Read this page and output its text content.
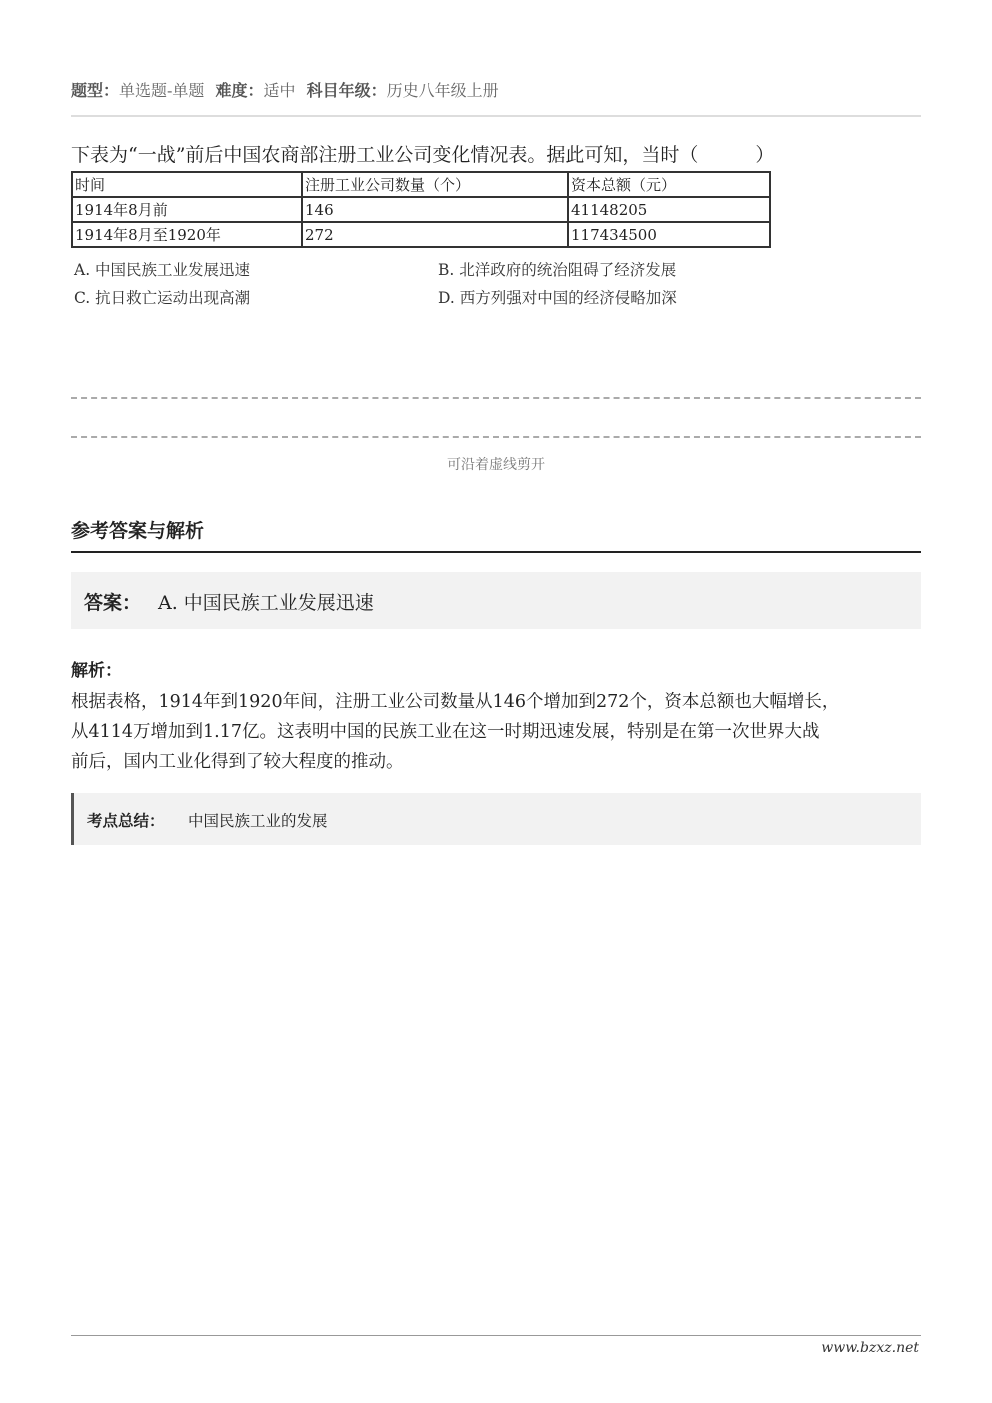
题型：单选题-单题 难度：适中 科目年级：历史八年级上册
下表为“一战”前后中国农商部注册工业公司变化情况表。据此可知，当时（　　　）
时间	注册工业公司数量（个）	资本总额（元）
1914年8月前	146	41148205
1914年8月至1920年	272	117434500
A. 中国民族工业发展迅速	B. 北洋政府的统治阻碍了经济发展
C. 抗日救亡运动出现高潮	D. 西方列强对中国的经济侵略加深
可沿着虚线剪开
参考答案与解析
答案： A. 中国民族工业发展迅速
解析：
根据表格，1914年到1920年间，注册工业公司数量从146个增加到272个，资本总额也大幅增长，
从4114万增加到1.17亿。这表明中国的民族工业在这一时期迅速发展，特别是在第一次世界大战
前后，国内工业化得到了较大程度的推动。
考点总结： 中国民族工业的发展
www.bzxz.net
